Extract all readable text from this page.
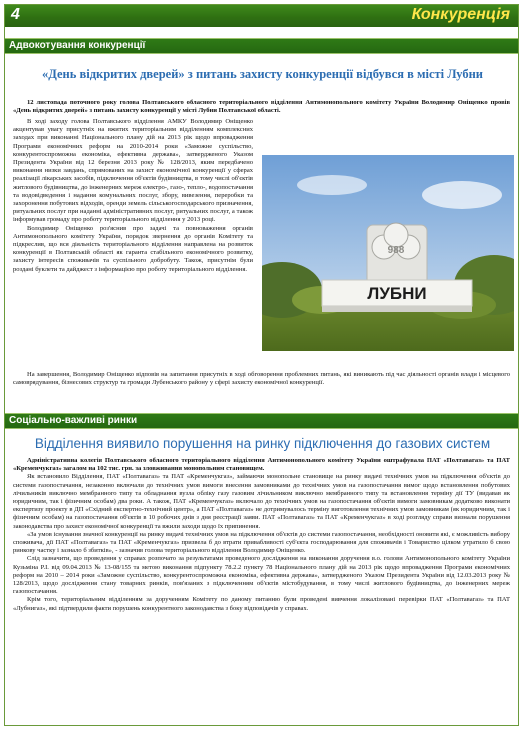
4	Конкуренція
Адвокотування конкуренції
«День відкритих дверей» з питань захисту конкуренції відбувся в місті Лубни

12 листопада поточного року голова Полтавського обласного територіального відділення Антимонопольного комітету України Володимир Оніщенко провів «День відкритих дверей» з питань захисту конкуренції у місті Лубни Полтавської області.

В ході заходу голова Полтавського відділення АМКУ Володимир Оніщенко акцентував увагу присутніх на вжитих територіальним відділенням комплексних заходах при виконанні Національного плану дій на 2013 рік щодо впровадження Програми економічних реформ на 2010-2014 роки «Заможне суспільство, конкурентоспроможна економіка, ефективна держава», затвердженого Указом Президента України від 12 березня 2013 року № 128/2013, яким передбачено виконання низки завдань, спрямованих на захист економічної конкуренції у сферах реалізації лікарських засобів, підключення об'єктів будівництва, в тому числі об'єктів житлового будівництва, до інженерних мереж електро-, газо-, тепло-, водопостачання та водовідведення і надання комунальних послуг, збору, вивезення, переробки та захоронення побутових відходів, оренди земель сільськогосподарського призначення, ритуальних послуг при наданні адміністративних послуг, ритуальних послуг, а також інформував громаду про роботу територіального відділення у 2013 році.

Володимир Оніщенко роз'яснив про задачі та повноваження органів Антимонопольного комітету України, порядок звернення до органів Комітету та підкреслив, що вся діяльність територіального відділення направлена на розвиток конкуренції в Полтавській області як гаранта стабільного економічного розвитку, захисту інтересів споживачів та суспільного добробуту. Також, присутнім були роздані буклети та дайджест з інформацією про роботу територіального відділення.

988
ЛУБНИ

На завершення, Володимир Оніщенко відповів на запитання присутніх в ході обговорення проблемних питань, які виникають під час діяльності органів влади і місцевого самоврядування, бізнесових структур та громади Лубенського району у сфері захисту економічної конкуренції.

Соціально-важливі ринки
Відділення виявило порушення на ринку підключення до газових систем

Адміністративна колегія Полтавського обласного територіального відділення Антимонопольного комітету України оштрафувала ПАТ «Полтавагаз» та ПАТ «Кременчукгаз» загалом на 102 тис. грн. за зловживання монопольним становищем.

Як встановило Відділення, ПАТ «Полтавагаз» та ПАТ «Кременчукгаз», займаючи монопольне становище на ринку видачі технічних умов на підключення об'єктів до системи газопостачання, незаконно включали до технічних умов вимоги внесення замовниками до технічних умов на газопостачання вимог щодо встановлення побутових лічильників виключно мембранного типу та обладнання вузла обліку газу газовим лічильником виключно мембранного типу та встановлення терміну дії ТУ (видавав як юридичним, так і фізичним особам) два роки. А також, ПАТ «Кременчукгаз» включало до технічних умов на газопостачання об'єктів вимоги замовникам додатково виконати експертизу проекту в ДП «Східний експертно-технічний центр», а ПАТ «Полтавагаз» не дотримувалось терміну виготовлення технічних умов замовникам (як юридичним, так і фізичним особам) на газопостачання об'єктів в 10 робочих днів з дня реєстрації заяви. ПАТ «Полтавагаз» та ПАТ «Кременчукгаз» в ході розгляду справи визнали порушення законодавства про захист економічної конкуренції та вжили заходи щодо їх припинення.

«За умов існування значної конкуренції на ринку видачі технічних умов на підключення об'єктів до системи газопостачання, необхідності оновити які, є можливість вибору споживача, дії ПАТ «Полтавагаз» та ПАТ «Кременчукгаз» призвела б до втрати привабливості суб'єкта господарювання для споживачів і Товариство цілком утратило б свою ринкову частку і зазнало б збитків», - зазначив голова територіального відділення Володимир Оніщенко.

Слід зазначити, що проведення у справах розпочато за результатами проведеного дослідження на виконання доручення в.о. голови Антимонопольного комітету України Кузьміна Р.І. від 09.04.2013 № 13-08/155 та метою виконання підпункту 78.2.2 пункту 78 Національного плану дій на 2013 рік щодо впровадження Програми економічних реформ на 2010 – 2014 роки «Заможне суспільство, конкурентоспроможна економіка, ефективна держава», затвердженого Указом Президента України від 12.03.2013 року № 128/2013, щодо дослідження стану товарних ринків, пов'язаних з підключенням об'єктів містобудування, в тому числі житлового будівництва, до інженерних мереж газопостачання.

Крім того, територіальним відділенням за дорученням Комітету по даному питанню були проведені вивчення локалізовані перевірки ПАТ «Полтавагаз» та ПАТ «Лубнигаз», які підтвердили факти порушень конкурентного законодавства з боку відповідачів у справах.
